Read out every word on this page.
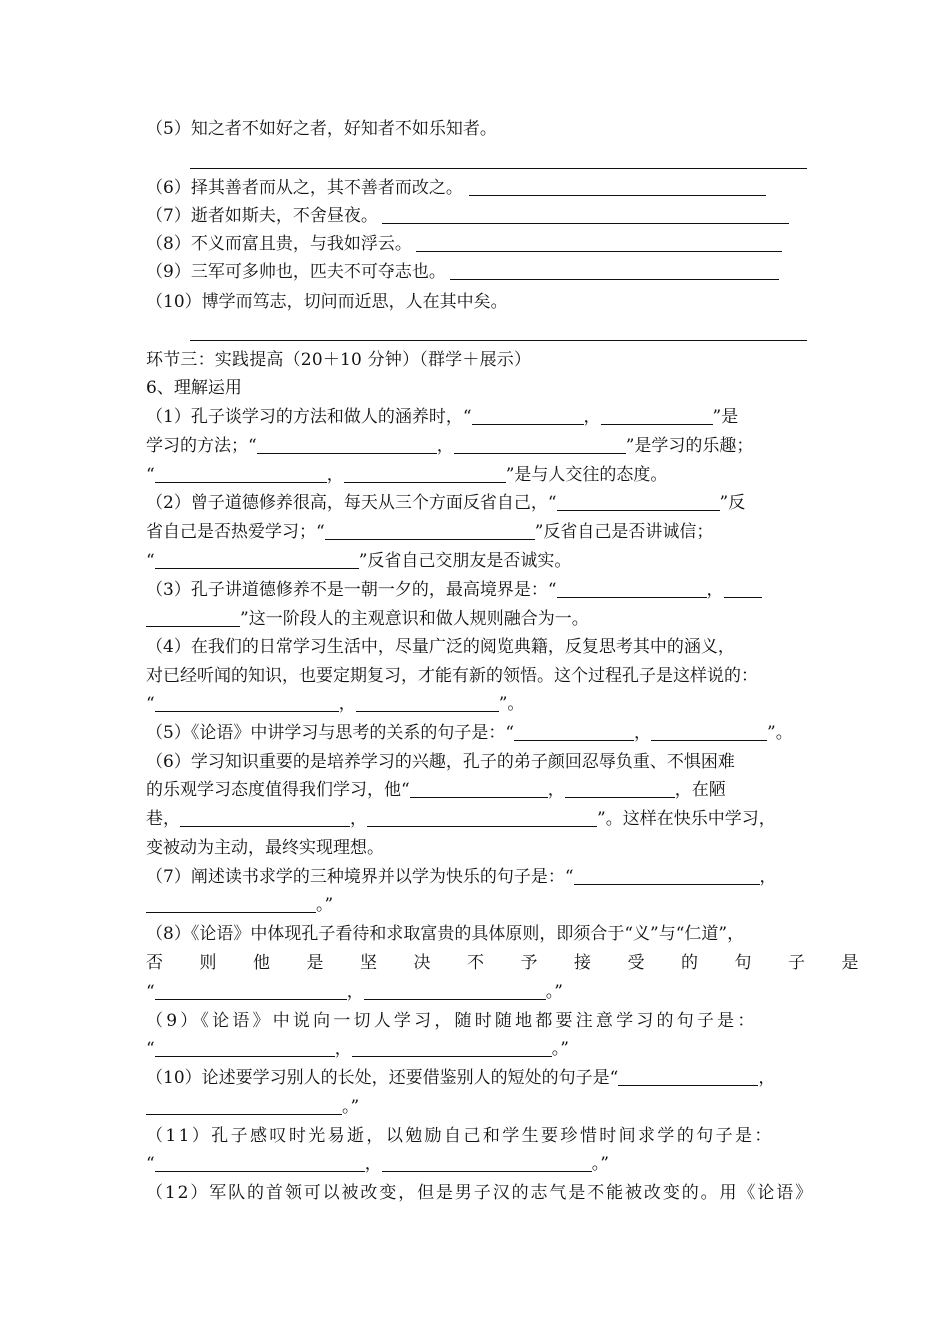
（5）知之者不如好之者，好知者不如乐知者。
（6）择其善者而从之，其不善者而改之。
（7）逝者如斯夫，不舍昼夜。
（8）不义而富且贵，与我如浮云。
（9）三军可多帅也，匹夫不可夺志也。
（10）博学而笃志，切问而近思，人在其中矣。
环节三：实践提高（20＋10 分钟）（群学＋展示）
6、理解运用
（1）孔子谈学习的方法和做人的涵养时，“	，	”是
学习的方法；“	，	”是学习的乐趣；
“	，	”是与人交往的态度。
（2）曾子道德修养很高，每天从三个方面反省自己，“	”反
省自己是否热爱学习；“	”反省自己是否讲诚信；
“	”反省自己交朋友是否诚实。
（3）孔子讲道德修养不是一朝一夕的，最高境界是：“	，
”这一阶段人的主观意识和做人规则融合为一。
（4）在我们的日常学习生活中，尽量广泛的阅览典籍，反复思考其中的涵义，
对已经听闻的知识，也要定期复习，才能有新的领悟。这个过程孔子是这样说的：
“	，	”。
（5）《论语》中讲学习与思考的关系的句子是：“	，	”。
（6）学习知识重要的是培养学习的兴趣，孔子的弟子颜回忍辱负重、不惧困难
的乐观学习态度值得我们学习，他“	，	，在陋
巷，	，	”。这样在快乐中学习，
变被动为主动，最终实现理想。
（7）阐述读书求学的三种境界并以学为快乐的句子是：“	，
。”
（8）《论语》中体现孔子看待和求取富贵的具体原则，即须合于“义”与“仁道”，
否则他是坚决不予接受的句子是
“	，	。”
（9）《论语》中说向一切人学习，随时随地都要注意学习的句子是：
“	，	。”
（10）论述要学习别人的长处，还要借鉴别人的短处的句子是“	，
。”
（11）孔子感叹时光易逝，以勉励自己和学生要珍惜时间求学的句子是：
“	，	。”
（12）军队的首领可以被改变，但是男子汉的志气是不能被改变的。用《论语》
